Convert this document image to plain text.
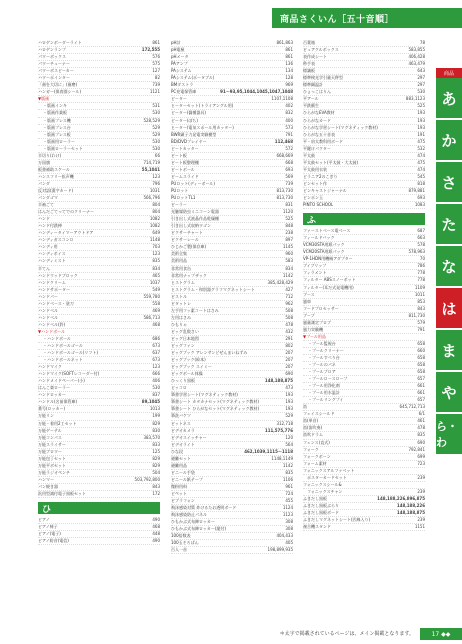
商品さくいん［五十音順］
ハロゲンボーダーライト	861
ハロゲンランプ	172,555
パワーボックス	576
パワーチューナー	575
パワーボスピーカー	127
ハワーポインター	82
「歯を大切に」(歯磨)	739
ハンガー(保育園シール)	1121
▼版画
・版画インキ	531
・版画作業板	530
・版画プレス機	528,529
・版画プレス台	529
・版画プレス板	529
・版画用ローラー	530
・版画ローラーセット	530
半切り(わけ)	66
万国旗	714,719
板書補助スケール	55,1041
ハンスフリー拡声機	123
パンダ	796
反対語(漢字カード)	1031
パンダゴマ	566,796
半袖ごて	804
はんだごてってでのクリーナー	804
ハンド	1082
ハンド付鉄棒	1082
ハンディータイマーアウトドア	649
ハンディガスコンロ	1148
ハンディ用	703
ハンディボイス	123
ハンディミスト	835
半てん	834
ハンドウッドブロック	465
ハンドクリーム	1037
ハンドサポーター	549
ハンドパー	559,780
ハンドベース・塗刀	558
ハンドベル	469
ハンドベル	586,713
ハンドベル(鈴)	468
▼ハンドボール
・ハンドボール	686
・ハンドボールゴール	673
・ハンドボールゴール(リフト)	637
・ハンドボールネット	673
ハンドマイク	123
ハンドマイク(SOFTレコーダー付)	666
ハンドメイドペーパー(小)	406
はんこ楽ローラー	530
ハンドロッカー	837
ハンドル(名前保管庫)	89,1045
番号(ロッカー)	1013
万能リン	199
万能・着用2工セット	829
万能ゲーテル	830
万能コンパス	383,570
万能スライサー	833
万能ブロワー	125
万能包丁セット	829
万能平ボセット	829
万能ラジオペンチ	504
ハンマー	503,792,800
パン焼き器	843
汎用型減付電子黒板セット	172
ひ
ピアノ	490
ピアノ椅子	468
ピアノ(電子)	448
ピアノ防音(電信)	490
pH計	861,863
pH電極	861
pHメータ	861
PAアンプ	136
PAシステム	134
PAシステム(ポータブル)	128
BMダストラ	969
PC充電保管庫	91〜93,95,1044,1045,1047,1048
ピーター	1107,1108
ヒーターセット(トライアングル用)	402
ピーター(醤種器具)	832
ピーター(ぼち)	400
ヒーター(電気スポール用カッター)	573
BWR顕子力発電実験模型	791
BD/DVDプレイヤー	112,468
ピートカッター	572
ビート板	668,669
ビート板整理棚	668
ビートボール	693
ビームスライド	569
PUロット(ディーボール)	739
PUロット	813,730
PUロットTL1	813,730
ビーラー	831
光触媒防虫ミニコーン電器	1120
引き出し式液晶作品乾燥棚	525
引き出し式収納ワゴン	848
ビクサーチャート	238
ビクサーレール	897
ひじかご製(保存庫)	1145
美術全集	960
美術用品	583
非常用食缶	834
非常用ナップザック	1142
ヒストグラム	385,428,429
ヒストグラム・和別器グラフマグネットシート	427
ビストル	712
ビタットレ	962
左手用フッ素コートはさみ	508
左用はさみ	508
ひもりゃ	478
ビッグ乱数さい	432
ビッグ日本地図	291
ビッグファン	802
ビッグブック アレンサンどぜんまいねずみ	207
ビッグブック(絵本)	207
ビッグブック スイミー	207
ビッグボール体操	690
ひっくり黒板	148,188,875
ピッコロ	473
筆書学習シート(マグネティック教材)	193
筆書シート カタカナセット(マグネティック教材)	193
筆書シート ひらがなセット(マグネティック教材)	193
筆洗バケツ	529
ビットネス	312,718
ビデオカメラ	111,575,776
ビデオスイッチャー	120
ビデオライト	564
ひな段	462,1039,1115〜1118
避難セット	1148,1149
避難用品	1142
ビニール手袋	835
ビニール紙テープ	1106
微粉用料	961
ピペット	724
ビブラフォン	455
飛沫感染対策 炸けるたお透明ボード	1124
飛沫感染防止パネル	1123
ひもかぶ式布陣ロッカー	308
ひもかぶ式布陣ロッカー(縦付)	308
100倍数表	404,433
100玉そろばん	405
百人一首	198,899,935
百葉箱	78
ビュアクルボックス	583,855
表作成シート	406,428
秒手表	463,479
標識板	643
標準検光学引量天秤型	297
標準顕温計	297
ひょっこはりん	530
平アール	883,1123
平鉄衝生	525
ひらがなEVA教材	193
ひらがなカード	193
ひらがな学習シート(マグネティック教材)	193
ひらがな五十音表	191
平・肩太教科用ボード	475
平鍵けパクター	532
平太鼓	474
平太鼓セット(平太鼓・大太鼓)	475
平太鼓用衣装	474
ピラニア2のこぎり	545
ピンセット作	818
ピンキャストジャーナル	879,881
ピンポン玉	693
PINTO SCHOOL	1083
ふ
ファーストベース電ベース	687
フィールドバック	663
VCM30STA用紙パック	578
VCM20STA用紙パック	578,963
VP-1HDN用機械アダプター	70
ブイブリップ	786
フィラメント	778
フィルター ABSスノーボット	778
フィルター(耳だ式発電機用)	1109
ブース	1011
風車	853
フードプロセッサー	843
ブーブ	811,730
風量測定プロブ	579
風力実験機	791
▼プール用品
・プール監視台	658
・プールクリーナー	660
・プールすべり台	658
・プールのパネ	658
・プールブロア	658
・プールロースロープ	657
・プール用浄化剤	661
・プール用水温計	661
・プールリングプイ	657
笛	645,712,713
フェイスシールド	6/1
笛(単音)	461
笛(笛吹奏)	478
笛吹ドラム	835
フェンス(直式)	690
フォーク	792,841
フォークボーン	699
フォーム素材	723
フォニックスアルファベット
　ポスターカードセット	239
フォニックスシール&
　フォニックスチャン	239
ふきだし黒板	148,188,226,896,875
ふきだし黒板ぶらり	148,188,226
ふきだし黒板ボード	148,188,875
ふきだしマグネットシート(匹線入り)	239
複合機スタンド	1151
商品
あ
か
さ
た
な
は
ま
や
ら・わ
＊太字で掲載されているページは、メイン掲載となります。	17 ◆◆
